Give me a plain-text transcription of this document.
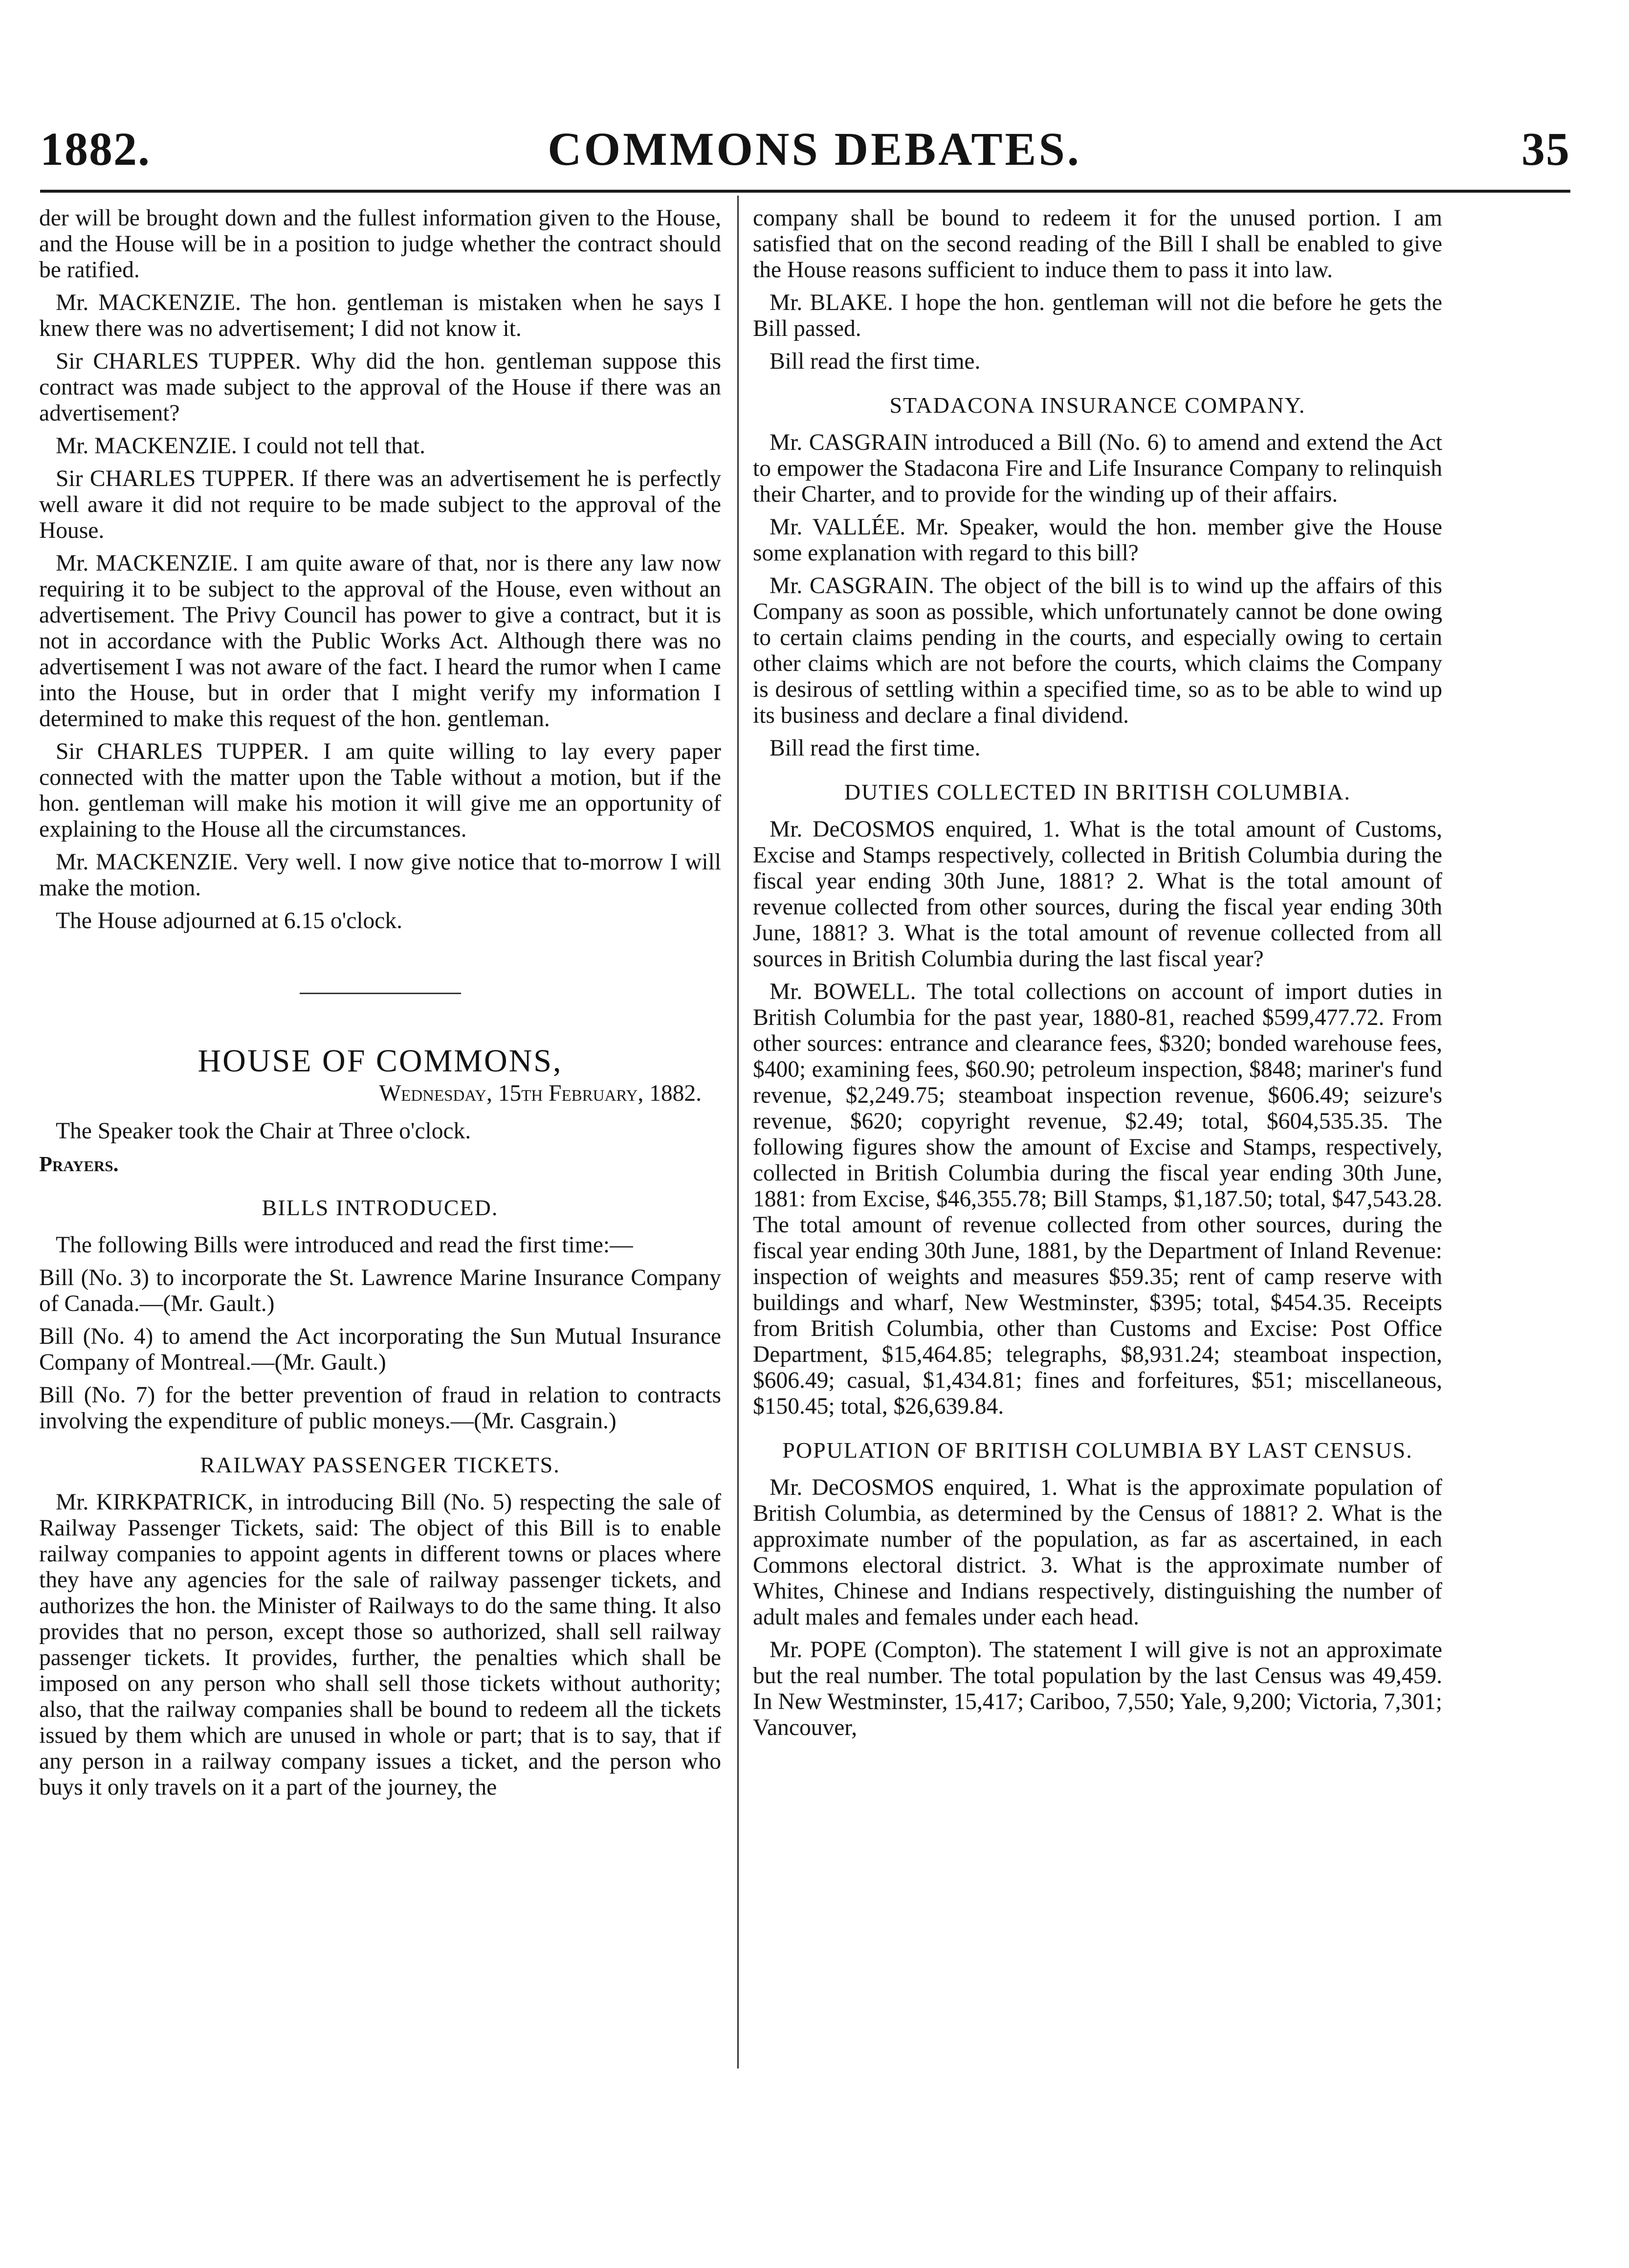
1882.	COMMONS DEBATES.	35

der will be brought down and the fullest information given to the House, and the House will be in a position to judge whether the contract should be ratified.

Mr. MACKENZIE. The hon. gentleman is mistaken when he says I knew there was no advertisement; I did not know it.

Sir CHARLES TUPPER. Why did the hon. gentleman suppose this contract was made subject to the approval of the House if there was an advertisement?

Mr. MACKENZIE. I could not tell that.

Sir CHARLES TUPPER. If there was an advertisement he is perfectly well aware it did not require to be made subject to the approval of the House.

Mr. MACKENZIE. I am quite aware of that, nor is there any law now requiring it to be subject to the approval of the House, even without an advertisement. The Privy Council has power to give a contract, but it is not in accordance with the Public Works Act. Although there was no advertisement I was not aware of the fact. I heard the rumor when I came into the House, but in order that I might verify my information I determined to make this request of the hon. gentleman.

Sir CHARLES TUPPER. I am quite willing to lay every paper connected with the matter upon the Table without a motion, but if the hon. gentleman will make his motion it will give me an opportunity of explaining to the House all the circumstances.

Mr. MACKENZIE. Very well. I now give notice that to-morrow I will make the motion.

The House adjourned at 6.15 o'clock.

HOUSE OF COMMONS,
Wednesday, 15th February, 1882.

The Speaker took the Chair at Three o'clock.

Prayers.
BILLS INTRODUCED.

The following Bills were introduced and read the first time:—

Bill (No. 3) to incorporate the St. Lawrence Marine Insurance Company of Canada.—(Mr. Gault.)

Bill (No. 4) to amend the Act incorporating the Sun Mutual Insurance Company of Montreal.—(Mr. Gault.)

Bill (No. 7) for the better prevention of fraud in relation to contracts involving the expenditure of public moneys.—(Mr. Casgrain.)

RAILWAY PASSENGER TICKETS.

Mr. KIRKPATRICK, in introducing Bill (No. 5) respecting the sale of Railway Passenger Tickets, said: The object of this Bill is to enable railway companies to appoint agents in different towns or places where they have any agencies for the sale of railway passenger tickets, and authorizes the hon. the Minister of Railways to do the same thing. It also provides that no person, except those so authorized, shall sell railway passenger tickets. It provides, further, the penalties which shall be imposed on any person who shall sell those tickets without authority; also, that the railway companies shall be bound to redeem all the tickets issued by them which are unused in whole or part; that is to say, that if any person in a railway company issues a ticket, and the person who buys it only travels on it a part of the journey, the

company shall be bound to redeem it for the unused portion. I am satisfied that on the second reading of the Bill I shall be enabled to give the House reasons sufficient to induce them to pass it into law.

Mr. BLAKE. I hope the hon. gentleman will not die before he gets the Bill passed.

Bill read the first time.

STADACONA INSURANCE COMPANY.

Mr. CASGRAIN introduced a Bill (No. 6) to amend and extend the Act to empower the Stadacona Fire and Life Insurance Company to relinquish their Charter, and to provide for the winding up of their affairs.

Mr. VALLÉE. Mr. Speaker, would the hon. member give the House some explanation with regard to this bill?

Mr. CASGRAIN. The object of the bill is to wind up the affairs of this Company as soon as possible, which unfortunately cannot be done owing to certain claims pending in the courts, and especially owing to certain other claims which are not before the courts, which claims the Company is desirous of settling within a specified time, so as to be able to wind up its business and declare a final dividend.

Bill read the first time.

DUTIES COLLECTED IN BRITISH COLUMBIA.

Mr. DeCOSMOS enquired, 1. What is the total amount of Customs, Excise and Stamps respectively, collected in British Columbia during the fiscal year ending 30th June, 1881? 2. What is the total amount of revenue collected from other sources, during the fiscal year ending 30th June, 1881? 3. What is the total amount of revenue collected from all sources in British Columbia during the last fiscal year?

Mr. BOWELL. The total collections on account of import duties in British Columbia for the past year, 1880-81, reached $599,477.72. From other sources: entrance and clearance fees, $320; bonded warehouse fees, $400; examining fees, $60.90; petroleum inspection, $848; mariner's fund revenue, $2,249.75; steamboat inspection revenue, $606.49; seizure's revenue, $620; copyright revenue, $2.49; total, $604,535.35. The following figures show the amount of Excise and Stamps, respectively, collected in British Columbia during the fiscal year ending 30th June, 1881: from Excise, $46,355.78; Bill Stamps, $1,187.50; total, $47,543.28. The total amount of revenue collected from other sources, during the fiscal year ending 30th June, 1881, by the Department of Inland Revenue: inspection of weights and measures $59.35; rent of camp reserve with buildings and wharf, New Westminster, $395; total, $454.35. Receipts from British Columbia, other than Customs and Excise: Post Office Department, $15,464.85; telegraphs, $8,931.24; steamboat inspection, $606.49; casual, $1,434.81; fines and forfeitures, $51; miscellaneous, $150.45; total, $26,639.84.

POPULATION OF BRITISH COLUMBIA BY LAST CENSUS.

Mr. DeCOSMOS enquired, 1. What is the approximate population of British Columbia, as determined by the Census of 1881? 2. What is the approximate number of the population, as far as ascertained, in each Commons electoral district. 3. What is the approximate number of Whites, Chinese and Indians respectively, distinguishing the number of adult males and females under each head.

Mr. POPE (Compton). The statement I will give is not an approximate but the real number. The total population by the last Census was 49,459. In New Westminster, 15,417; Cariboo, 7,550; Yale, 9,200; Victoria, 7,301; Vancouver,
